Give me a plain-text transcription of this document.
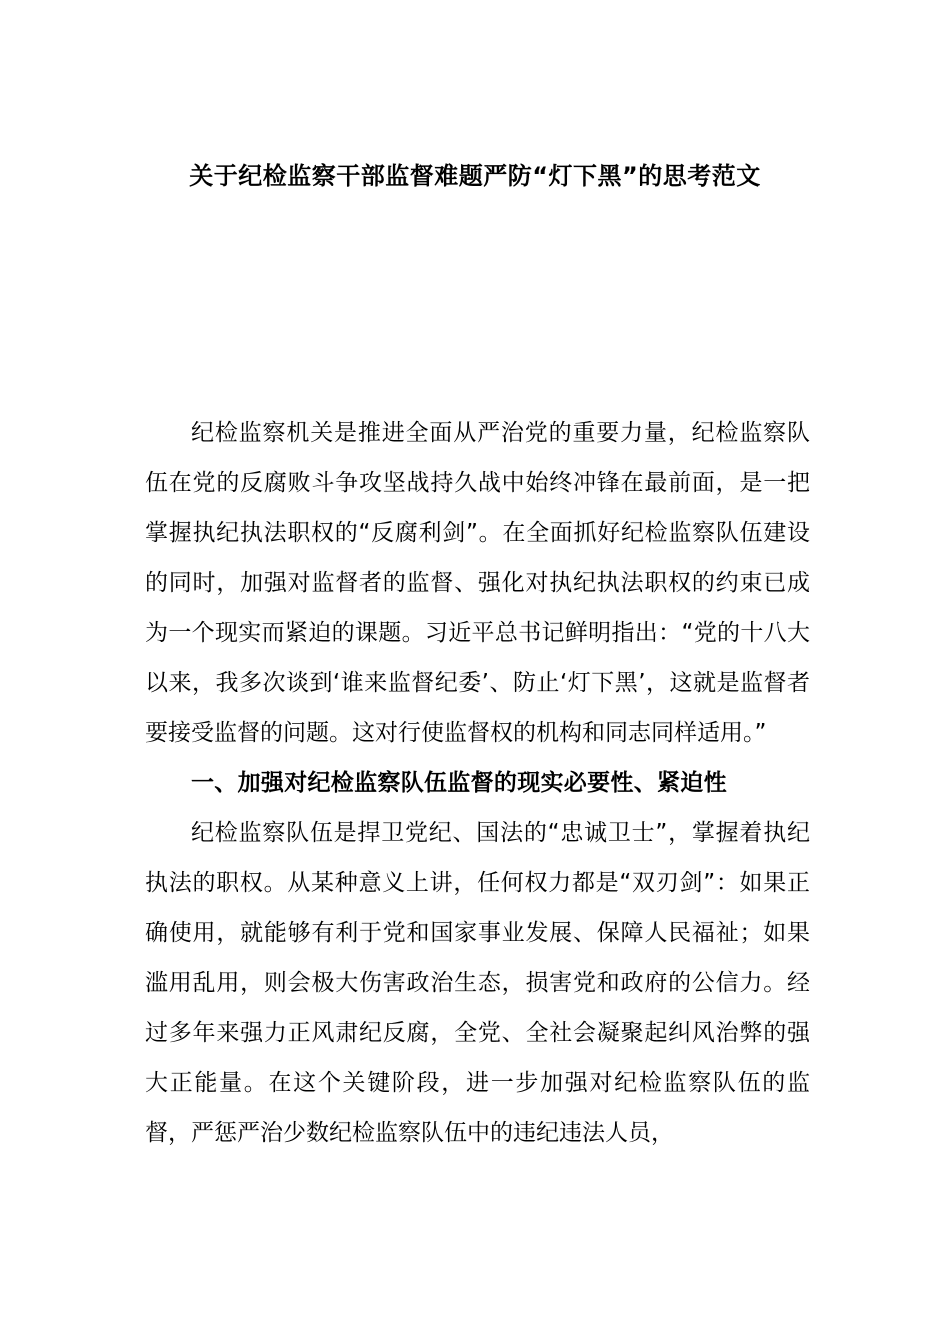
关于纪检监察干部监督难题严防“灯下黑”的思考范文

纪检监察机关是推进全面从严治党的重要力量，纪检监察队伍在党的反腐败斗争攻坚战持久战中始终冲锋在最前面，是一把掌握执纪执法职权的“反腐利剑”。在全面抓好纪检监察队伍建设的同时，加强对监督者的监督、强化对执纪执法职权的约束已成为一个现实而紧迫的课题。习近平总书记鲜明指出：“党的十八大以来，我多次谈到‘谁来监督纪委’、防止‘灯下黑’，这就是监督者要接受监督的问题。这对行使监督权的机构和同志同样适用。”

一、加强对纪检监察队伍监督的现实必要性、紧迫性

纪检监察队伍是捍卫党纪、国法的“忠诚卫士”，掌握着执纪执法的职权。从某种意义上讲，任何权力都是“双刃剑”：如果正确使用，就能够有利于党和国家事业发展、保障人民福祉；如果滥用乱用，则会极大伤害政治生态，损害党和政府的公信力。经过多年来强力正风肃纪反腐，全党、全社会凝聚起纠风治弊的强大正能量。在这个关键阶段，进一步加强对纪检监察队伍的监督，严惩严治少数纪检监察队伍中的违纪违法人员，
